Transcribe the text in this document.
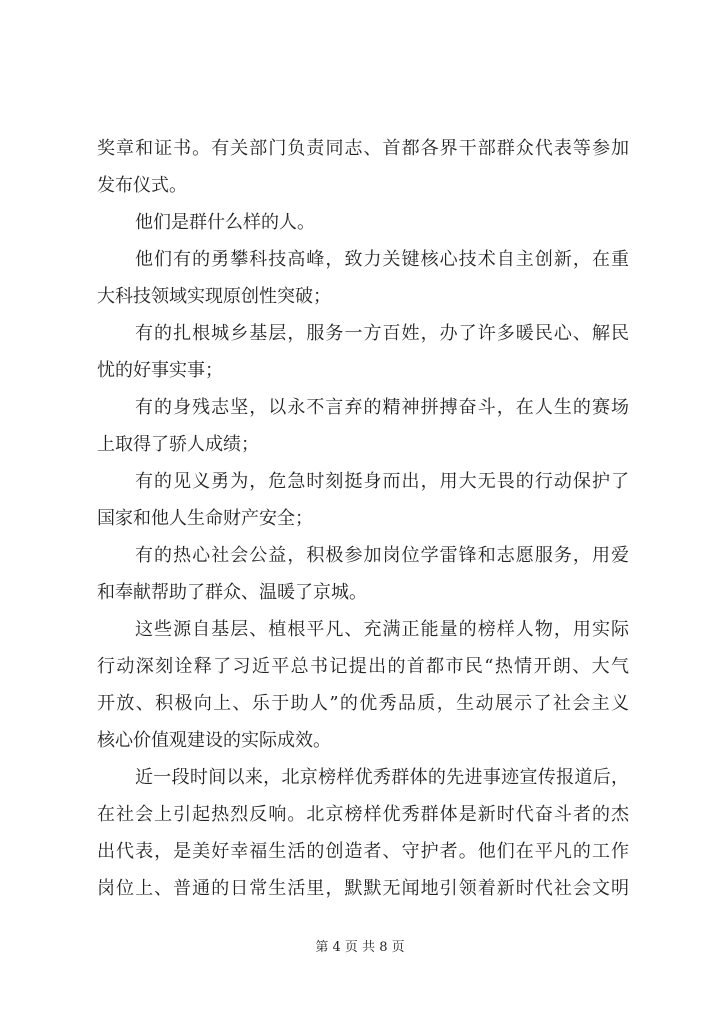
奖章和证书。有关部门负责同志、首都各界干部群众代表等参加
发布仪式。
他们是群什么样的人。
他们有的勇攀科技高峰，致力关键核心技术自主创新，在重
大科技领域实现原创性突破；
有的扎根城乡基层，服务一方百姓，办了许多暖民心、解民
忧的好事实事；
有的身残志坚，以永不言弃的精神拼搏奋斗，在人生的赛场
上取得了骄人成绩；
有的见义勇为，危急时刻挺身而出，用大无畏的行动保护了
国家和他人生命财产安全；
有的热心社会公益，积极参加岗位学雷锋和志愿服务，用爱
和奉献帮助了群众、温暖了京城。
这些源自基层、植根平凡、充满正能量的榜样人物，用实际
行动深刻诠释了习近平总书记提出的首都市民“热情开朗、大气
开放、积极向上、乐于助人”的优秀品质，生动展示了社会主义
核心价值观建设的实际成效。
近一段时间以来，北京榜样优秀群体的先进事迹宣传报道后，
在社会上引起热烈反响。北京榜样优秀群体是新时代奋斗者的杰
出代表，是美好幸福生活的创造者、守护者。他们在平凡的工作
岗位上、普通的日常生活里，默默无闻地引领着新时代社会文明
第 4 页 共 8 页
